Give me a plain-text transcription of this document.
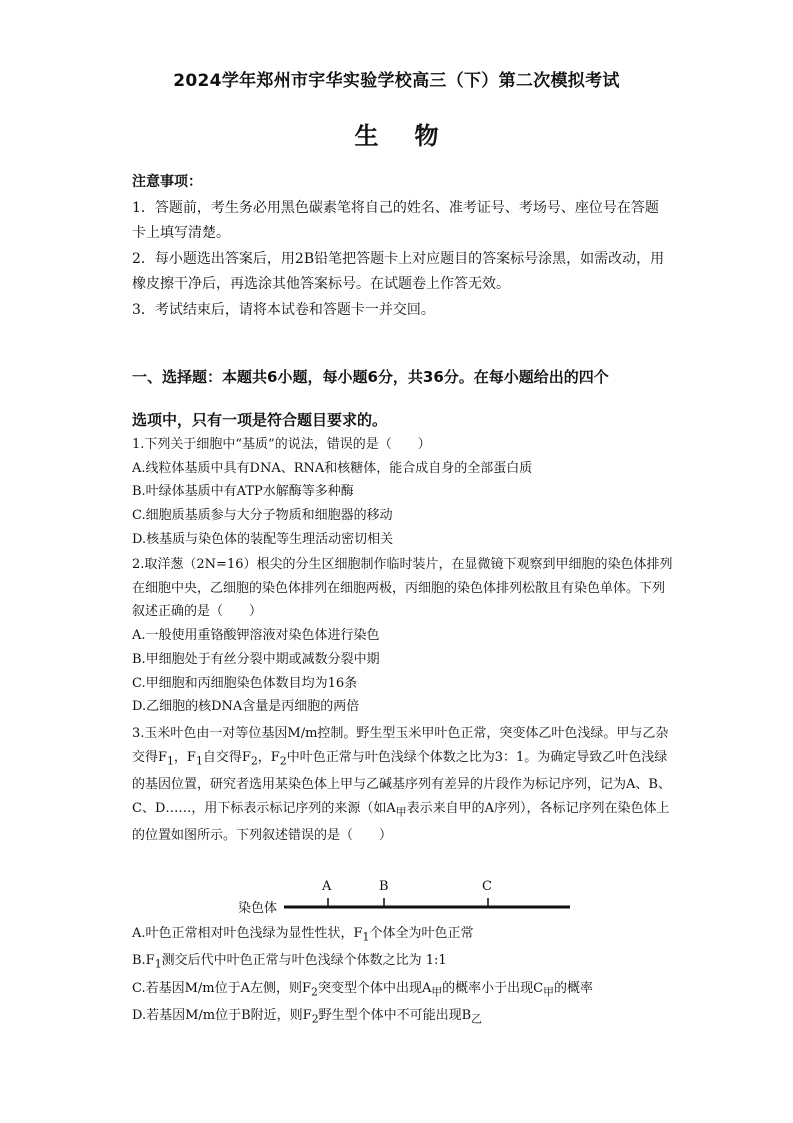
2024学年郑州市宇华实验学校高三（下）第二次模拟考试
生物

注意事项：

1．答题前，考生务必用黑色碳素笔将自己的姓名、准考证号、考场号、座位号在答题卡上填写清楚。

2．每小题选出答案后，用2B铅笔把答题卡上对应题目的答案标号涂黑，如需改动，用橡皮擦干净后，再选涂其他答案标号。在试题卷上作答无效。

3．考试结束后，请将本试卷和答题卡一并交回。

一、选择题：本题共6小题，每小题6分，共36分。在每小题给出的四个

选项中，只有一项是符合题目要求的。

1.下列关于细胞中“基质”的说法，错误的是（　　）

A.线粒体基质中具有DNA、RNA和核糖体，能合成自身的全部蛋白质

B.叶绿体基质中有ATP水解酶等多种酶

C.细胞质基质参与大分子物质和细胞器的移动

D.核基质与染色体的装配等生理活动密切相关

2.取洋葱（2N=16）根尖的分生区细胞制作临时装片，在显微镜下观察到甲细胞的染色体排列在细胞中央，乙细胞的染色体排列在细胞两极，丙细胞的染色体排列松散且有染色单体。下列叙述正确的是（　　）

A.一般使用重铬酸钾溶液对染色体进行染色

B.甲细胞处于有丝分裂中期或减数分裂中期

C.甲细胞和丙细胞染色体数目均为16条

D.乙细胞的核DNA含量是丙细胞的两倍

3.玉米叶色由一对等位基因M/m控制。野生型玉米甲叶色正常，突变体乙叶色浅绿。甲与乙杂交得$F_1$，$F_1$自交得$F_2$，$F_2$中叶色正常与叶色浅绿个体数之比为3：1。为确定导致乙叶色浅绿的基因位置，研究者选用某染色体上甲与乙碱基序列有差异的片段作为标记序列，记为A、B、C、D……，用下标表示标记序列的来源（如$A_甲$表示来自甲的A序列），各标记序列在染色体上的位置如图所示。下列叙述错误的是（　　）

A	B	C
染色体

A.叶色正常相对叶色浅绿为显性性状，$F_1$个体全为叶色正常

$B.F_1$测交后代中叶色正常与叶色浅绿个体数之比为 1:1

C.若基因M/m位于A左侧，则$F_2$突变型个体中出现$A_甲$的概率小于出现$C_甲$的概率

D.若基因M/m位于B附近，则$F_2$野生型个体中不可能出现$B_乙$
